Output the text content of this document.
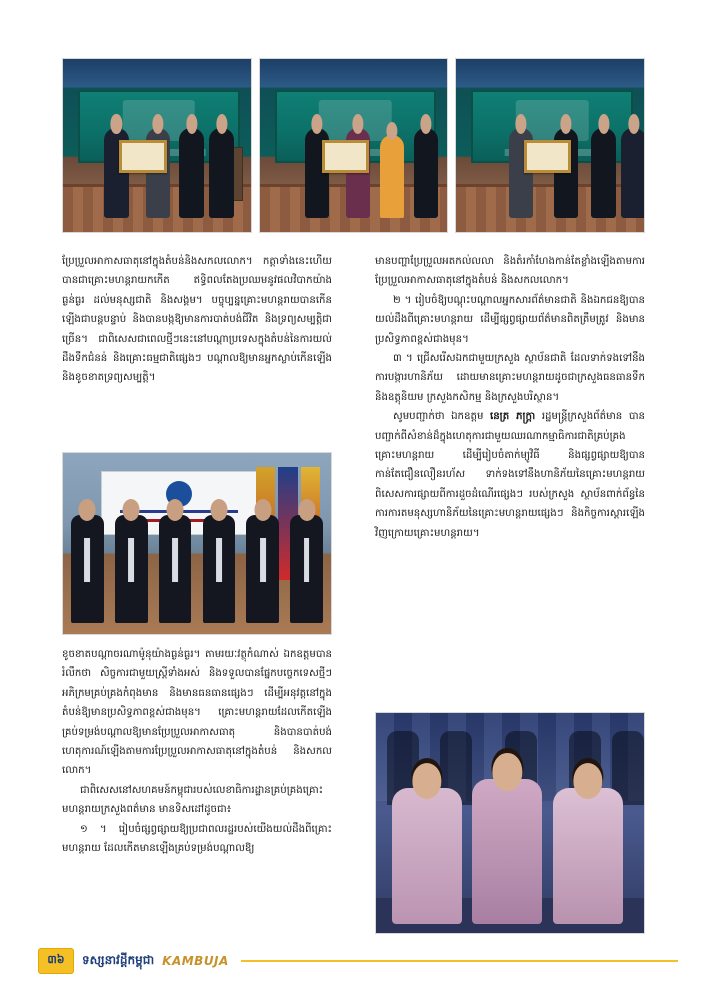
ប្រែប្រួលអាកាសធាតុនៅក្នុងតំបន់និងសកលលោក។ កត្តាទាំងនេះហើយបានជាគ្រោះមហន្តរាយកកើត ឥទ្ធិពលតែងប្រឈមនូវផលវិបាកយ៉ាងធ្ងន់ធ្ងរ ដល់មនុស្សជាតិ និងសង្គម។ បច្ចុប្បន្នគ្រោះមហន្តរាយបានកើនឡើងជាបន្តបន្ទាប់ និងបានបង្កឱ្យមានការបាត់បង់ជីវិត និងទ្រព្យសម្បត្តិជាច្រើន។ ជាពិសេសជាពេលថ្មីៗនេះនៅបណ្តាប្រទេសក្នុងតំបន់នៃការយល់ដឹងទឹកជំនន់ និងគ្រោះធម្មជាតិផ្សេងៗ បណ្តាលឱ្យមានអ្នកស្លាប់កើនឡើង និងខូចខាតទ្រព្យសម្បត្តិ។

ខូចខាតបណ្តាចរណាម៉ូនុយ៉ាងធ្ងន់ធ្ងរ។ តាមរយៈវត្ថុកំណាស់ ឯកឧត្តមបានរំលឹកថា សិច្ចការជាមួយស្ត្រីទាំងអស់ និងទទួលបានផ្នែកបច្ចេកទេសថ្មីៗ អភិក្រមគ្រប់គ្រងកំពុងមាន និងមានធនធានផ្សេងៗ ដើម្បីអនុវត្តនៅក្នុងតំបន់ឱ្យមានប្រសិទ្ធភាពខ្ពស់ជាងមុន។ គ្រោះមហន្តរាយដែលកើតឡើងគ្រប់ទម្រង់បណ្តាលឱ្យមានប្រែប្រួលអាកាសធាតុ និងបានបាត់បង់ហេតុការណ៍ឡើងតាមការប្រែប្រួលអាកាសធាតុនៅក្នុងតំបន់ និងសកលលោក។

ជាពិសេសនៅសហគមន៍កម្ពុជារបស់លេខាធិការដ្ឋានគ្រប់គ្រងគ្រោះមហន្តរាយក្រសួងពត៌មាន មានទិសដៅដូចជា៖

១ ។ រៀបចំផ្សព្វផ្សាយឱ្យប្រជាពលរដ្ឋរបស់យើងយល់ដឹងពីគ្រោះមហន្តរាយ ដែលកើតមានឡើងគ្រប់ទម្រង់បណ្តាលឱ្យ

មានបញ្ហាប្រែប្រួលអតកល់លលា និងតំរកាំហែងកាន់តែខ្លាំងឡើងតាមការប្រែប្រួលអាកាសធាតុនៅក្នុងតំបន់ និងសកលលោក។

២ ។ រៀបចំឱ្យបណ្តុះបណ្តាលអ្នកសារព័ត៌មានជាតិ និងឯកជនឱ្យបានយល់ដឹងពីគ្រោះមហន្តរាយ ដើម្បីផ្សព្វផ្សាយព័ត៌មានពិតត្រឹមត្រូវ និងមានប្រសិទ្ធភាពខ្ពស់ជាងមុន។

៣ ។ ជ្រើសរើសឯកជាមួយក្រសួង ស្ថាប័នជាតិ ដែលទាក់ទងទៅនឹងការបង្ការហានិភ័យ ដោយមានគ្រោះមហន្តរាយដូចជាក្រសួងធនធានទឹក និងឧត្តុនិយម ក្រសួងកសិកម្ម និងក្រសួងបរិស្ថាន។

សូមបញ្ជាក់ថា ឯកឧត្តម នេត្រ ភក្ត្រា រដ្ឋមន្ត្រីក្រសួងព័ត៌មាន បានបញ្ជាក់ពីសំខាន់ដ៏ក្នុងហេតុការជាមួយឈរណាកម្មាធិការជាតិគ្រប់គ្រងគ្រោះមហន្តរាយ ដើម្បីរៀបចំតាក់ម្យូវិធី និងផ្សព្វផ្សាយឱ្យបានកាន់តែជឿនលឿនរហ័ស ទាក់ទងទៅនឹងហានិភ័យនៃគ្រោះមហន្តរាយ ពិសេសការផ្សាយពីការដួចដំណើរផ្សេងៗ របស់ក្រសួង ស្ថាប័នពាក់ព័ន្ធនៃការការតមនុស្សហានិភ័យនៃគ្រោះមហន្តរាយផ្សេងៗ និងកិច្ចការស្ដារឡើងវិញក្រោយគ្រោះមហន្តរាយ។

៣៦	ទស្សនាវដ្ដីកម្ពុជា KAMBUJA
